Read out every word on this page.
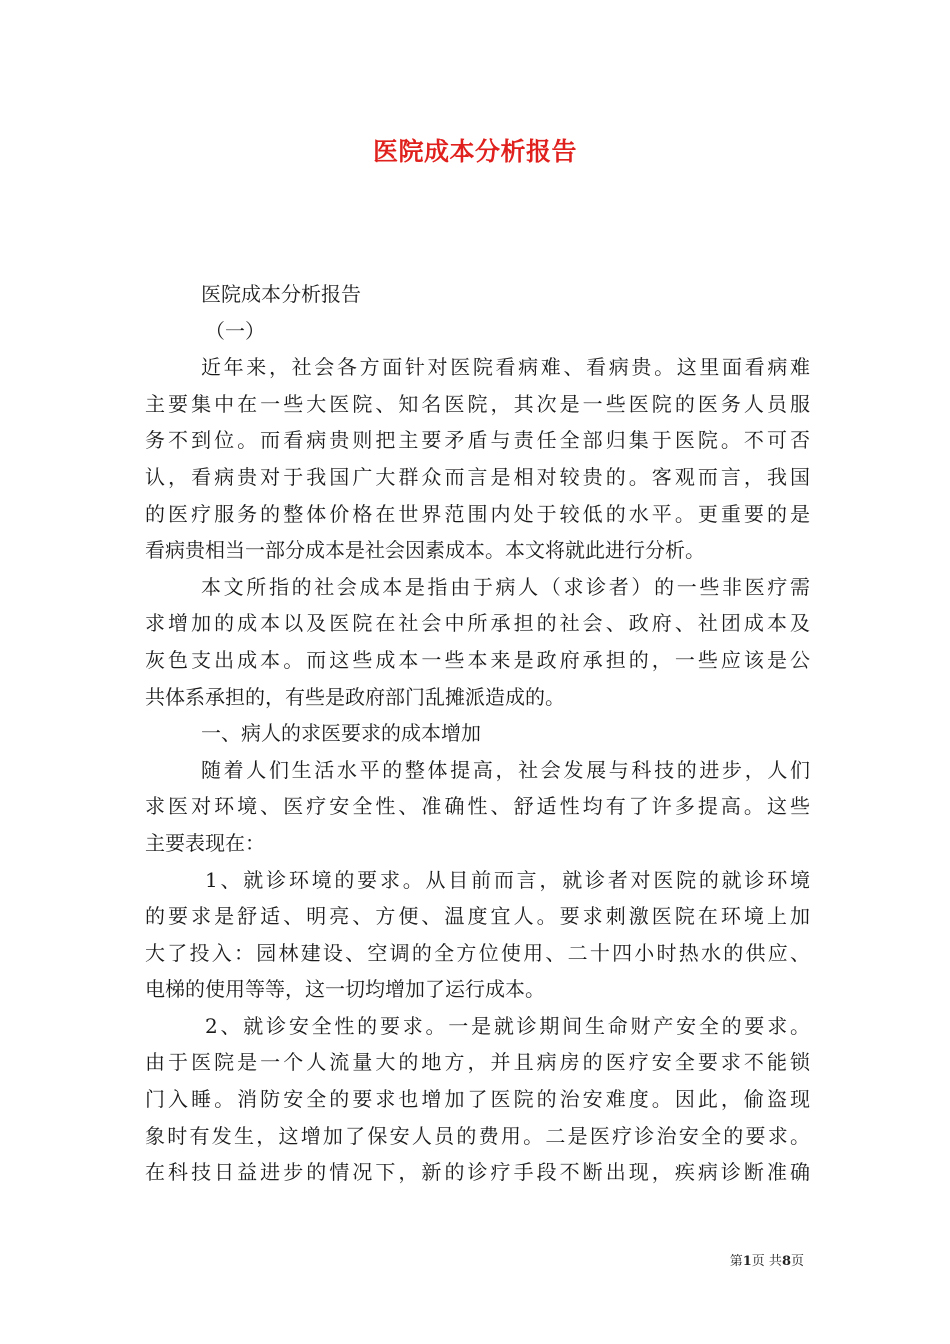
医院成本分析报告
医院成本分析报告
（一）
近年来，社会各方面针对医院看病难、看病贵。这里面看病难
主要集中在一些大医院、知名医院，其次是一些医院的医务人员服
务不到位。而看病贵则把主要矛盾与责任全部归集于医院。不可否
认，看病贵对于我国广大群众而言是相对较贵的。客观而言，我国
的医疗服务的整体价格在世界范围内处于较低的水平。更重要的是
看病贵相当一部分成本是社会因素成本。本文将就此进行分析。
本文所指的社会成本是指由于病人（求诊者）的一些非医疗需
求增加的成本以及医院在社会中所承担的社会、政府、社团成本及
灰色支出成本。而这些成本一些本来是政府承担的，一些应该是公
共体系承担的，有些是政府部门乱摊派造成的。
一、病人的求医要求的成本增加
随着人们生活水平的整体提高，社会发展与科技的进步，人们
求医对环境、医疗安全性、准确性、舒适性均有了许多提高。这些
主要表现在：
1、就诊环境的要求。从目前而言，就诊者对医院的就诊环境
的要求是舒适、明亮、方便、温度宜人。要求刺激医院在环境上加
大了投入：园林建设、空调的全方位使用、二十四小时热水的供应、
电梯的使用等等，这一切均增加了运行成本。
2、就诊安全性的要求。一是就诊期间生命财产安全的要求。
由于医院是一个人流量大的地方，并且病房的医疗安全要求不能锁
门入睡。消防安全的要求也增加了医院的治安难度。因此，偷盗现
象时有发生，这增加了保安人员的费用。二是医疗诊治安全的要求。
在科技日益进步的情况下，新的诊疗手段不断出现，疾病诊断准确
第1页 共8页
